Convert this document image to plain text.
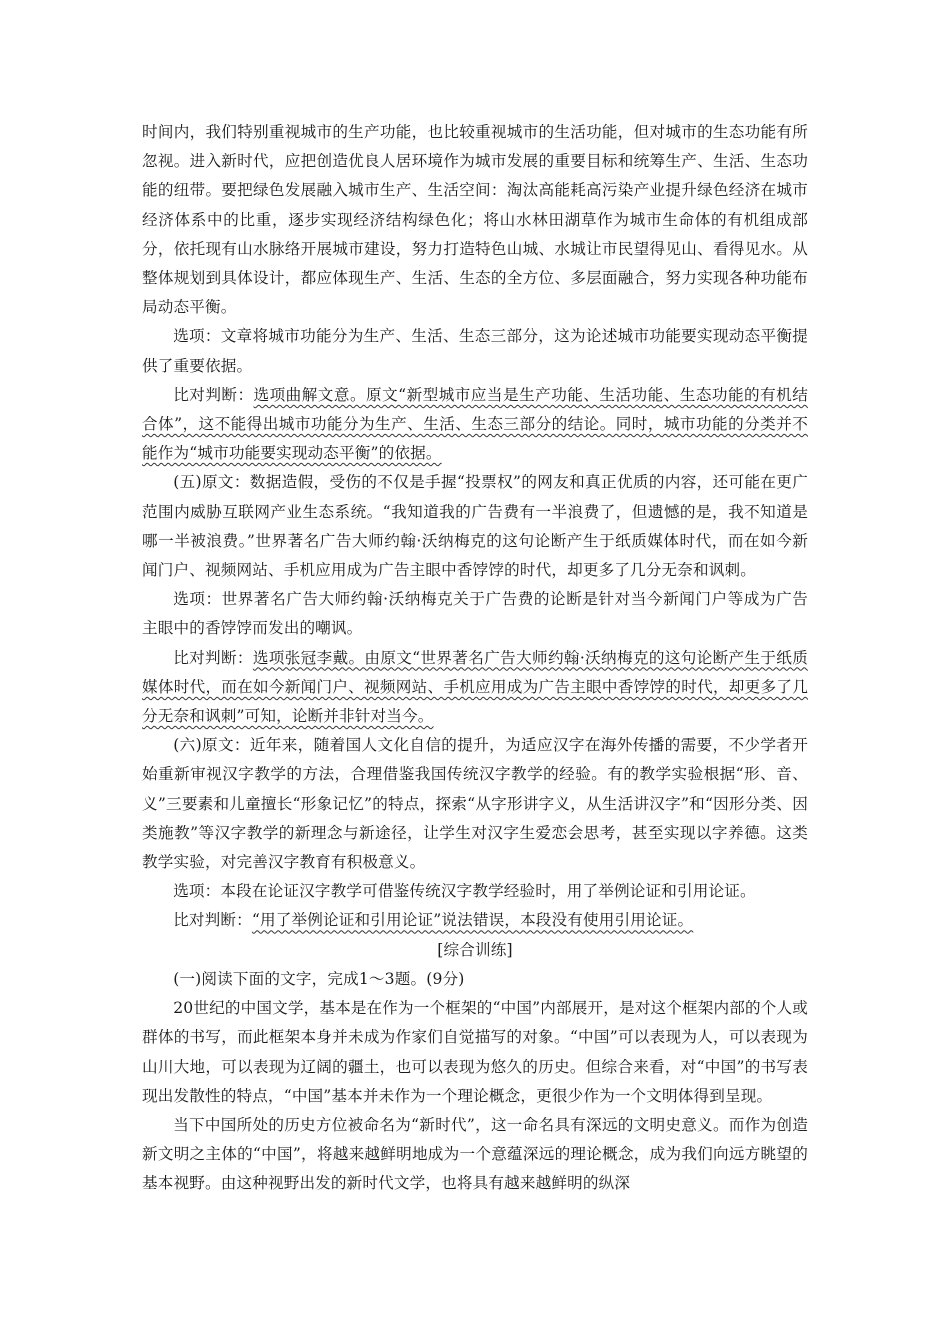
时间内，我们特别重视城市的生产功能，也比较重视城市的生活功能，但对城市的生态功能有所忽视。进入新时代，应把创造优良人居环境作为城市发展的重要目标和统筹生产、生活、生态功能的纽带。要把绿色发展融入城市生产、生活空间：淘汰高能耗高污染产业提升绿色经济在城市经济体系中的比重，逐步实现经济结构绿色化；将山水林田湖草作为城市生命体的有机组成部分，依托现有山水脉络开展城市建设，努力打造特色山城、水城让市民望得见山、看得见水。从整体规划到具体设计，都应体现生产、生活、生态的全方位、多层面融合，努力实现各种功能布局动态平衡。

选项：文章将城市功能分为生产、生活、生态三部分，这为论述城市功能要实现动态平衡提供了重要依据。

比对判断：选项曲解文意。原文“新型城市应当是生产功能、生活功能、生态功能的有机结合体”，这不能得出城市功能分为生产、生活、生态三部分的结论。同时，城市功能的分类并不能作为“城市功能要实现动态平衡”的依据。

(五)原文：数据造假，受伤的不仅是手握“投票权”的网友和真正优质的内容，还可能在更广范围内威胁互联网产业生态系统。“我知道我的广告费有一半浪费了，但遗憾的是，我不知道是哪一半被浪费。”世界著名广告大师约翰·沃纳梅克的这句论断产生于纸质媒体时代，而在如今新闻门户、视频网站、手机应用成为广告主眼中香饽饽的时代，却更多了几分无奈和讽刺。

选项：世界著名广告大师约翰·沃纳梅克关于广告费的论断是针对当今新闻门户等成为广告主眼中的香饽饽而发出的嘲讽。

比对判断：选项张冠李戴。由原文“世界著名广告大师约翰·沃纳梅克的这句论断产生于纸质媒体时代，而在如今新闻门户、视频网站、手机应用成为广告主眼中香饽饽的时代，却更多了几分无奈和讽刺”可知，论断并非针对当今。

(六)原文：近年来，随着国人文化自信的提升，为适应汉字在海外传播的需要，不少学者开始重新审视汉字教学的方法，合理借鉴我国传统汉字教学的经验。有的教学实验根据“形、音、义”三要素和儿童擅长“形象记忆”的特点，探索“从字形讲字义，从生活讲汉字”和“因形分类、因类施教”等汉字教学的新理念与新途径，让学生对汉字生爱恋会思考，甚至实现以字养德。这类教学实验，对完善汉字教育有积极意义。

选项：本段在论证汉字教学可借鉴传统汉字教学经验时，用了举例论证和引用论证。

比对判断：“用了举例论证和引用论证”说法错误，本段没有使用引用论证。

[综合训练]

(一)阅读下面的文字，完成1～3题。(9分)

20世纪的中国文学，基本是在作为一个框架的“中国”内部展开，是对这个框架内部的个人或群体的书写，而此框架本身并未成为作家们自觉描写的对象。“中国”可以表现为人，可以表现为山川大地，可以表现为辽阔的疆土，也可以表现为悠久的历史。但综合来看，对“中国”的书写表现出发散性的特点，“中国”基本并未作为一个理论概念，更很少作为一个文明体得到呈现。

当下中国所处的历史方位被命名为“新时代”，这一命名具有深远的文明史意义。而作为创造新文明之主体的“中国”，将越来越鲜明地成为一个意蕴深远的理论概念，成为我们向远方眺望的基本视野。由这种视野出发的新时代文学，也将具有越来越鲜明的纵深
